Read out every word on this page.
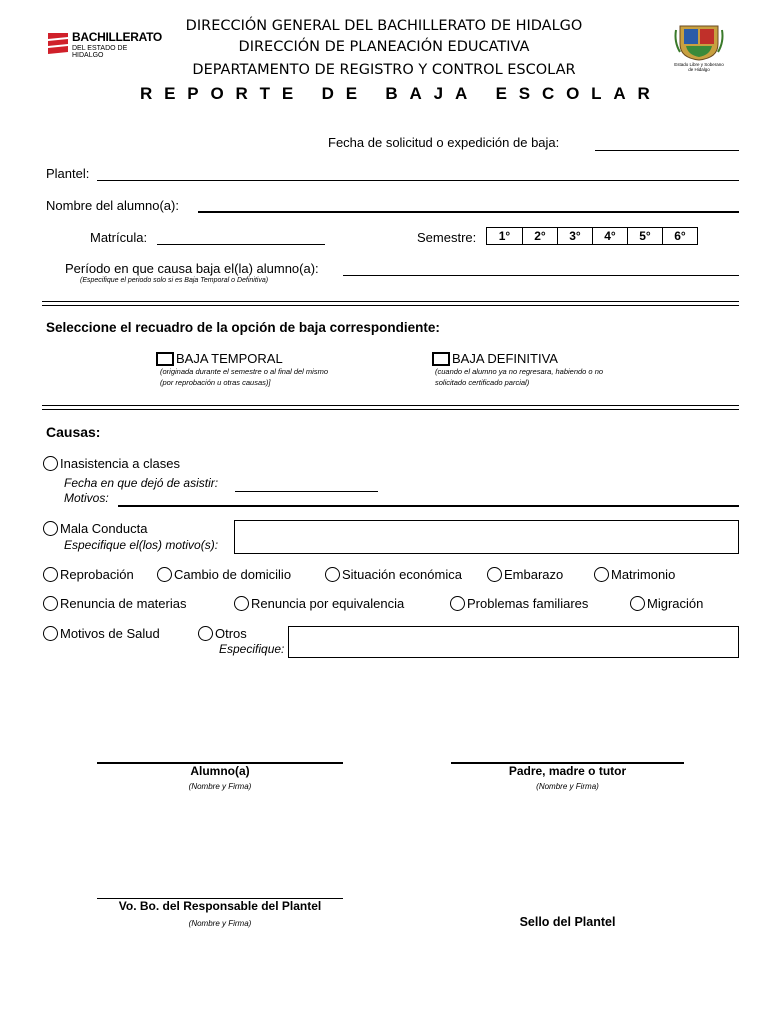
BACHILLERATO
DEL ESTADO DE HIDALGO
DIRECCIÓN GENERAL DEL BACHILLERATO DE HIDALGO
DIRECCIÓN DE PLANEACIÓN EDUCATIVA
DEPARTAMENTO DE REGISTRO Y CONTROL ESCOLAR	Estado Libre y Soberano de Hidalgo
R E P O R T E
D E
B A J A
E S C O L A R
Fecha de solicitud o expedición de baja:
Plantel:
Nombre del alumno(a):
Matrícula:	Semestre:	1°	2°	3°	4°	5°	6°
Período en que causa baja el(la) alumno(a):
(Especifique el periodo solo si es Baja Temporal o Definitiva)
Seleccione el recuadro de la opción de baja correspondiente:
BAJA TEMPORAL
(originada durante el semestre o al final del mismo
(por reprobación u otras causas)]
BAJA DEFINITIVA
(cuando el alumno ya no regresara, habiendo o no
solicitado certificado parcial)
Causas:
Inasistencia a clases
Fecha en que dejó de asistir:
Motivos:
Mala Conducta
Especifique el(los) motivo(s):
Reprobación	Cambio de domicilio	Situación económica	Embarazo	Matrimonio
Renuncia de materias	Renuncia por equivalencia	Problemas familiares	Migración
Motivos de Salud	Otros
Especifique:
Alumno(a)
(Nombre y Firma)
Padre, madre o tutor
(Nombre y Firma)
Vo. Bo. del Responsable del Plantel
(Nombre y Firma)	Sello del Plantel
